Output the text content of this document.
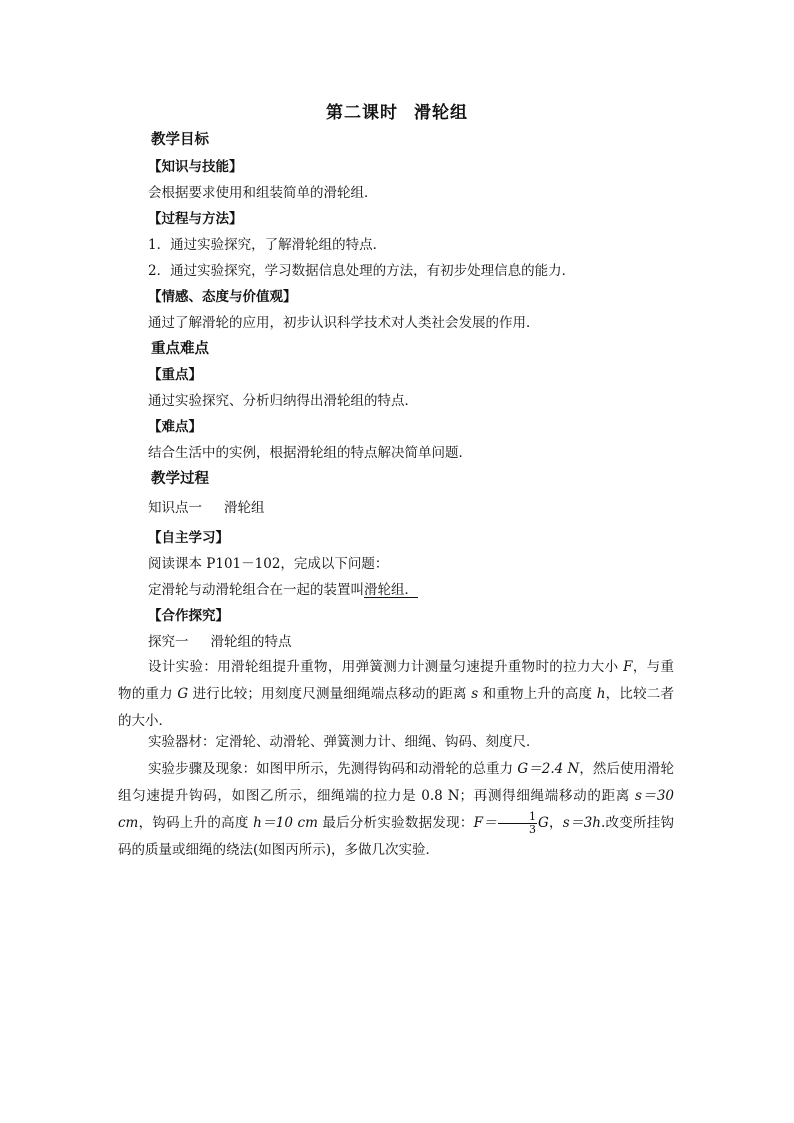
第二课时 滑轮组
教学目标
【知识与技能】
会根据要求使用和组装简单的滑轮组．
【过程与方法】
1．通过实验探究，了解滑轮组的特点．
2．通过实验探究，学习数据信息处理的方法，有初步处理信息的能力．
【情感、态度与价值观】
通过了解滑轮的应用，初步认识科学技术对人类社会发展的作用．
重点难点
【重点】
通过实验探究、分析归纳得出滑轮组的特点．
【难点】
结合生活中的实例，根据滑轮组的特点解决简单问题．
教学过程
知识点一 滑轮组
【自主学习】
阅读课本 P101－102，完成以下问题：
定滑轮与动滑轮组合在一起的装置叫滑轮组．
【合作探究】
探究一 滑轮组的特点
设计实验：用滑轮组提升重物，用弹簧测力计测量匀速提升重物时的拉力大小 F，与重物的重力 G 进行比较；用刻度尺测量细绳端点移动的距离 s 和重物上升的高度 h，比较二者的大小．
实验器材：定滑轮、动滑轮、弹簧测力计、细绳、钩码、刻度尺．
实验步骤及现象：如图甲所示，先测得钩码和动滑轮的总重力 G＝2.4 N，然后使用滑轮组匀速提升钩码，如图乙所示，细绳端的拉力是 0.8 N；再测得细绳端移动的距离 s＝30 cm，钩码上升的高度 h＝10 cm 最后分析实验数据发现：$F= \frac{1}{3}$ G，s＝3h.改变所挂钩码的质量或细绳的绕法(如图丙所示)，多做几次实验．
